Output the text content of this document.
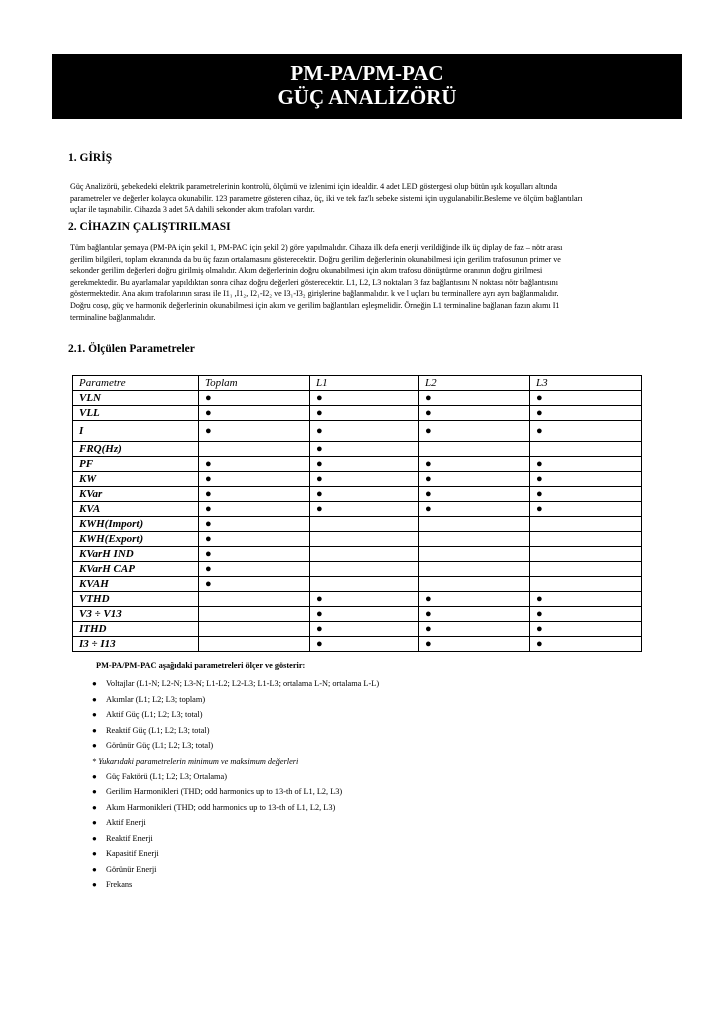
PM-PA/PM-PAC
GÜÇ ANALİZÖRÜ
1. GİRİŞ

Güç Analizörü, şebekedeki elektrik parametrelerinin kontrolü, ölçümü ve izlenimi için idealdir. 4 adet LED göstergesi olup bütün ışık koşulları altında

parametreler ve değerler kolayca okunabilir. 123 parametre gösteren cihaz, üç, iki ve tek faz'lı sebeke sistemi için uygulanabilir.Besleme ve ölçüm bağlantıları

uçlar ile taşınabilir. Cihazda 3 adet 5A dahili sekonder akım trafoları vardır.

2. CİHAZIN ÇALIŞTIRILMASI

Tüm bağlantılar şemaya (PM-PA için şekil 1, PM-PAC için şekil 2) göre yapılmalıdır. Cihaza ilk defa enerji verildiğinde ilk üç diplay de faz – nötr arası

gerilim bilgileri, toplam ekranında da bu üç fazın ortalamasını gösterecektir. Doğru gerilim değerlerinin okunabilmesi için gerilim trafosunun primer ve

sekonder gerilim değerleri doğru girilmiş olmalıdır. Akım değerlerinin doğru okunabilmesi için akım trafosu dönüştürme oranının doğru girilmesi

gerekmektedir. Bu ayarlamalar yapıldıktan sonra cihaz doğru değerleri gösterecektir. L1, L2, L3 noktaları 3 faz bağlantısını N noktası nötr bağlantısını

göstermektedir. Ana akım trafolarının sırası ile I1₁ ,I1₂, I2₁-I2₂ ve I3₁-I3₂ girişlerine bağlanmalıdır. k ve l uçları bu terminallere ayrı ayrı bağlanmalıdır.

Doğru cosφ, güç ve harmonik değerlerinin okunabilmesi için akım ve gerilim bağlantıları eşleşmelidir. Örneğin L1 terminaline bağlanan fazın akımı I1

terminaline bağlanmalıdır.

2.1. Ölçülen Parametreler
Parametre	Toplam	L1	L2	L3
VLN	●	●	●	●
VLL	●	●	●	●
I	●	●	●	●
FRQ(Hz)		●		
PF	●	●	●	●
KW	●	●	●	●
KVar	●	●	●	●
KVA	●	●	●	●
KWH(Import)	●			
KWH(Export)	●			
KVarH IND	●			
KVarH CAP	●			
KVAH	●			
VTHD		●	●	●
V3 ÷ V13		●	●	●
ITHD		●	●	●
I3 ÷ I13		●	●	●
PM-PA/PM-PAC aşağıdaki parametreleri ölçer ve gösterir:
● Voltajlar (L1-N; L2-N; L3-N; L1-L2; L2-L3; L1-L3; ortalama L-N; ortalama L-L)
● Akımlar (L1; L2; L3; toplam)
● Aktif Güç (L1; L2; L3; total)
● Reaktif Güç (L1; L2; L3; total)
● Görünür Güç (L1; L2; L3; total)
* Yukarıdaki parametrelerin minimum ve maksimum değerleri
● Güç Faktörü (L1; L2; L3; Ortalama)
● Gerilim Harmonikleri (THD; odd harmonics up to 13-th of L1, L2, L3)
● Akım Harmonikleri (THD; odd harmonics up to 13-th of L1, L2, L3)
● Aktif Enerji
● Reaktif Enerji
● Kapasitif Enerji
● Görünür Enerji
● Frekans
